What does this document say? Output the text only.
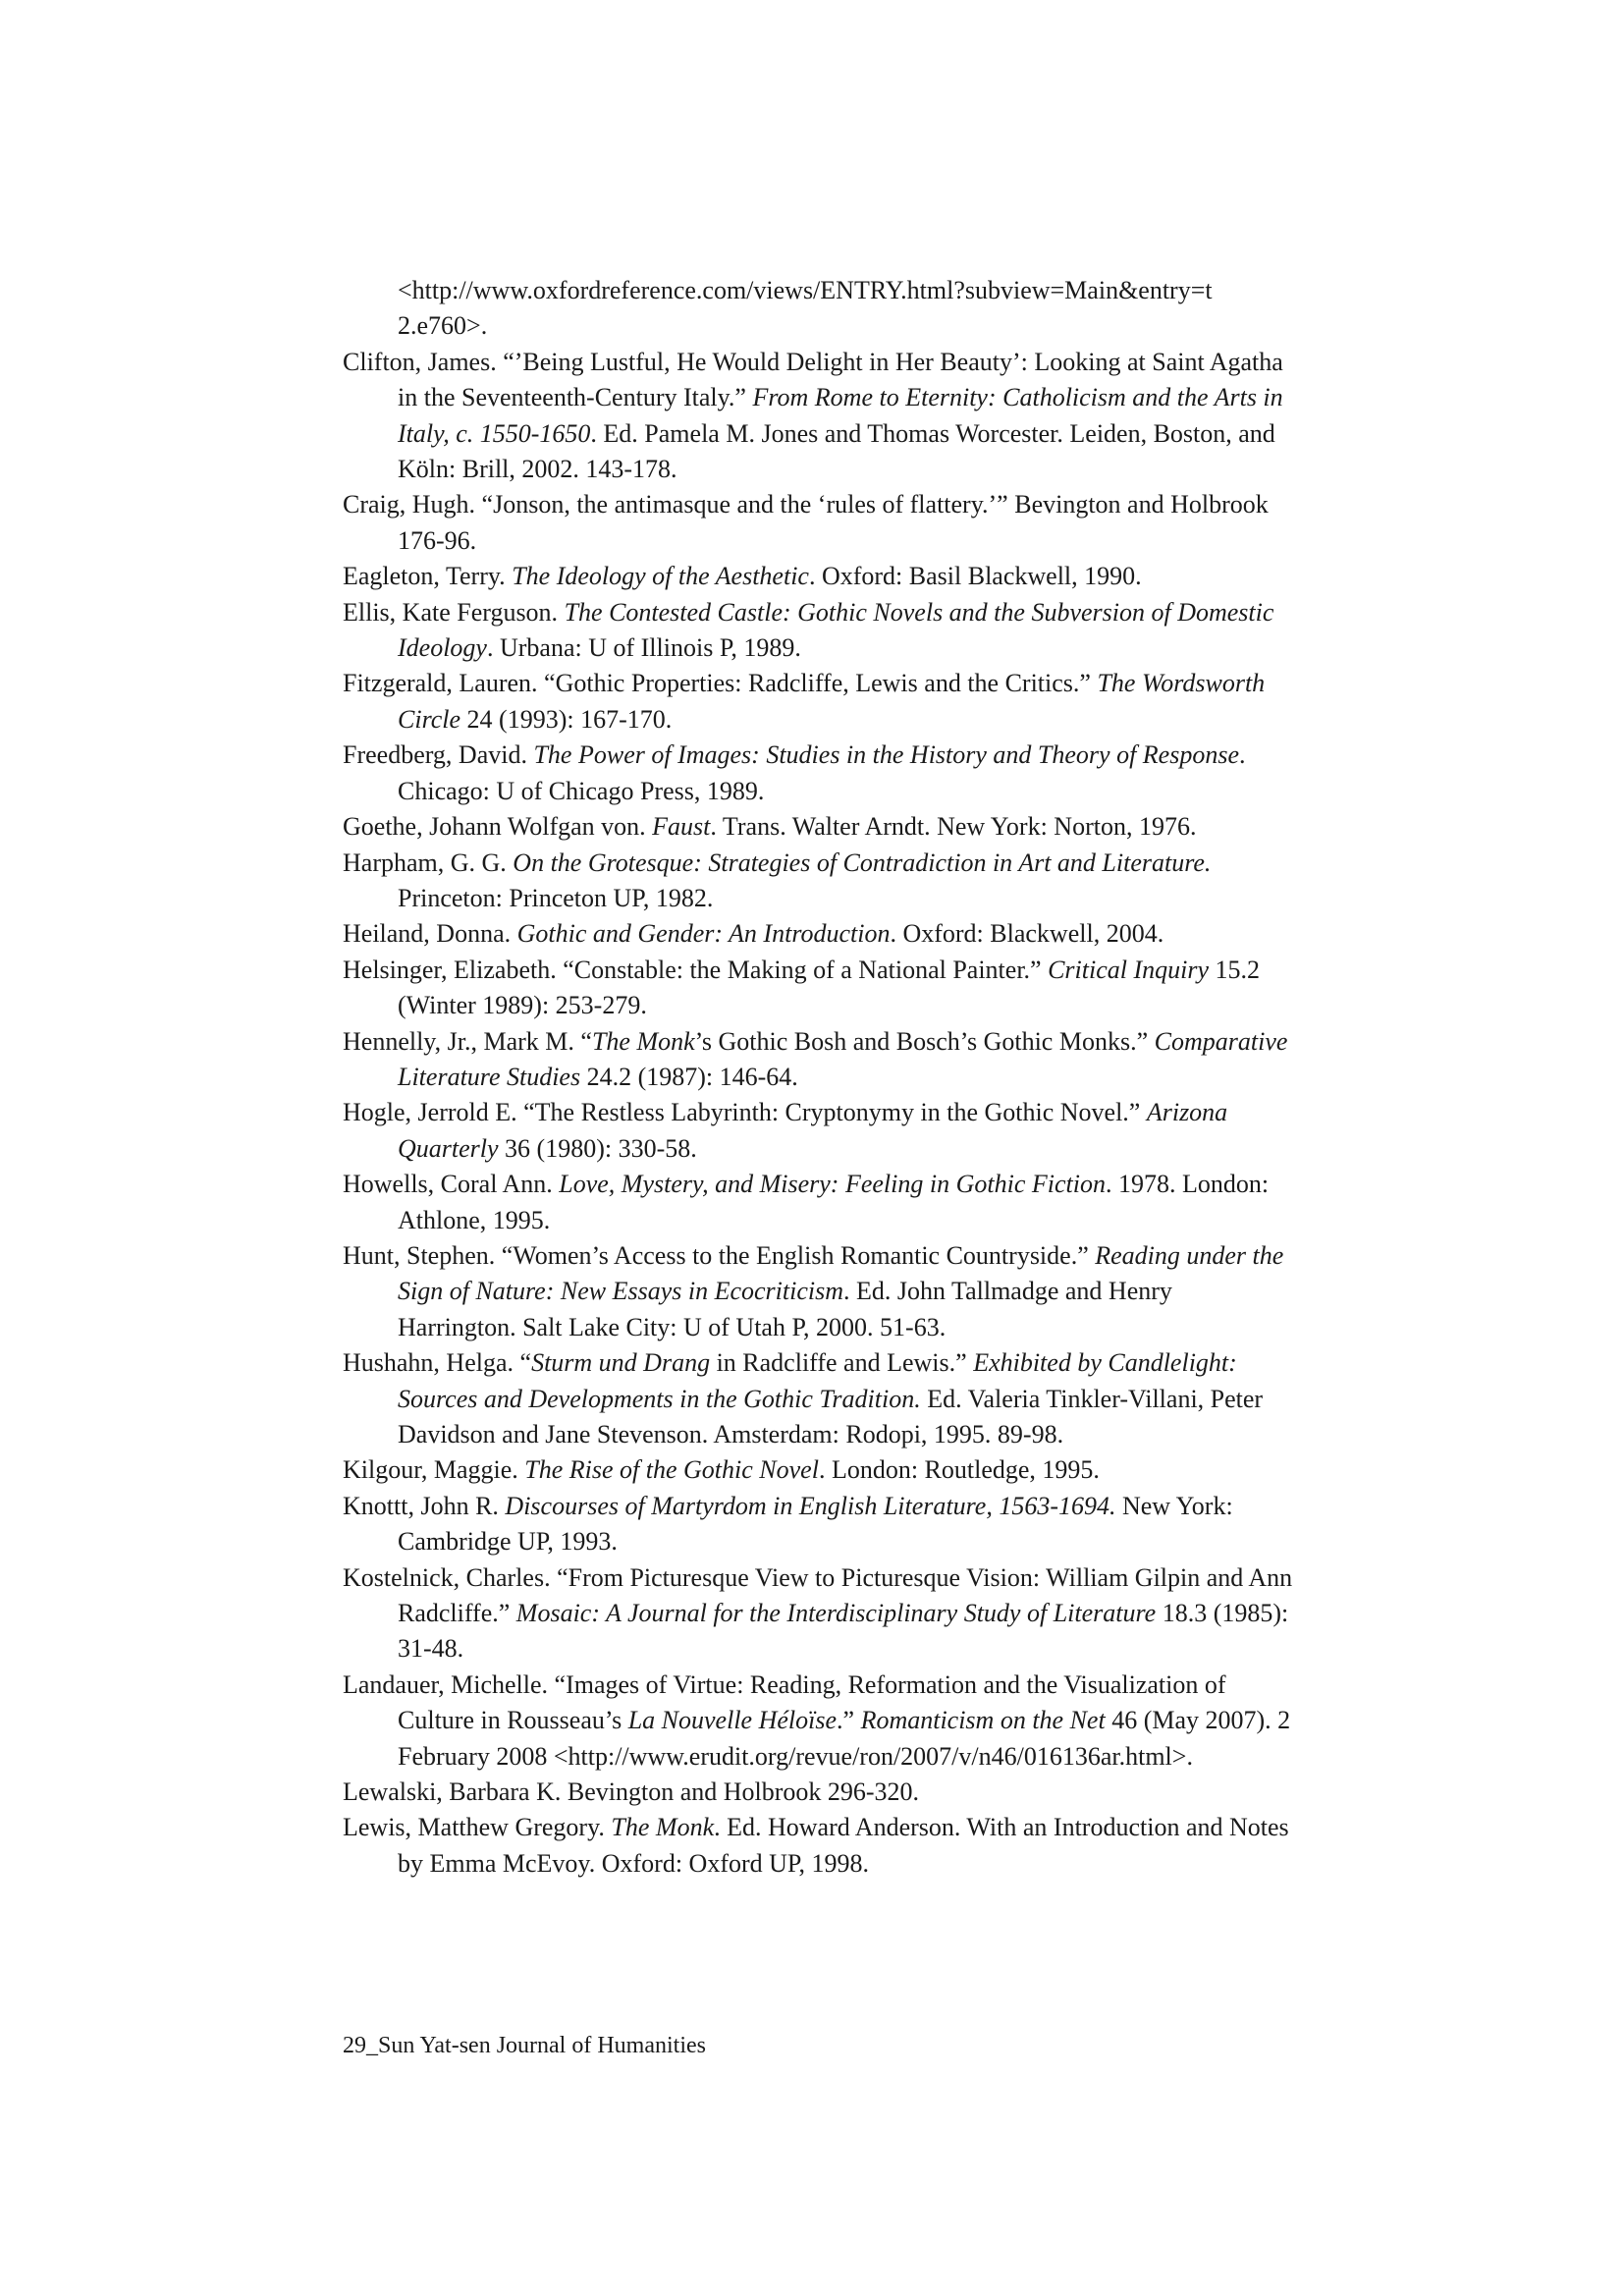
<http://www.oxfordreference.com/views/ENTRY.html?subview=Main&entry=t
2.e760>.

Clifton, James. “’Being Lustful, He Would Delight in Her Beauty’: Looking at Saint Agatha in the Seventeenth-Century Italy.” From Rome to Eternity: Catholicism and the Arts in Italy, c. 1550-1650. Ed. Pamela M. Jones and Thomas Worcester. Leiden, Boston, and Köln: Brill, 2002. 143-178.

Craig, Hugh. “Jonson, the antimasque and the ‘rules of flattery.’” Bevington and Holbrook 176-96.

Eagleton, Terry. The Ideology of the Aesthetic. Oxford: Basil Blackwell, 1990.

Ellis, Kate Ferguson. The Contested Castle: Gothic Novels and the Subversion of Domestic Ideology. Urbana: U of Illinois P, 1989.

Fitzgerald, Lauren. “Gothic Properties: Radcliffe, Lewis and the Critics.” The Wordsworth Circle 24 (1993): 167-170.

Freedberg, David. The Power of Images: Studies in the History and Theory of Response. Chicago: U of Chicago Press, 1989.

Goethe, Johann Wolfgan von. Faust. Trans. Walter Arndt. New York: Norton, 1976.

Harpham, G. G. On the Grotesque: Strategies of Contradiction in Art and Literature. Princeton: Princeton UP, 1982.

Heiland, Donna. Gothic and Gender: An Introduction. Oxford: Blackwell, 2004.

Helsinger, Elizabeth. “Constable: the Making of a National Painter.” Critical Inquiry 15.2 (Winter 1989): 253-279.

Hennelly, Jr., Mark M. “The Monk’s Gothic Bosh and Bosch’s Gothic Monks.” Comparative Literature Studies 24.2 (1987): 146-64.

Hogle, Jerrold E. “The Restless Labyrinth: Cryptonymy in the Gothic Novel.” Arizona Quarterly 36 (1980): 330-58.

Howells, Coral Ann. Love, Mystery, and Misery: Feeling in Gothic Fiction. 1978. London: Athlone, 1995.

Hunt, Stephen. “Women’s Access to the English Romantic Countryside.” Reading under the Sign of Nature: New Essays in Ecocriticism. Ed. John Tallmadge and Henry Harrington. Salt Lake City: U of Utah P, 2000. 51-63.

Hushahn, Helga. “Sturm und Drang in Radcliffe and Lewis.” Exhibited by Candlelight: Sources and Developments in the Gothic Tradition. Ed. Valeria Tinkler-Villani, Peter Davidson and Jane Stevenson. Amsterdam: Rodopi, 1995. 89-98.

Kilgour, Maggie. The Rise of the Gothic Novel. London: Routledge, 1995.

Knottt, John R. Discourses of Martyrdom in English Literature, 1563-1694. New York: Cambridge UP, 1993.

Kostelnick, Charles. “From Picturesque View to Picturesque Vision: William Gilpin and Ann Radcliffe.” Mosaic: A Journal for the Interdisciplinary Study of Literature 18.3 (1985): 31-48.

Landauer, Michelle. “Images of Virtue: Reading, Reformation and the Visualization of Culture in Rousseau’s La Nouvelle Héloïse.” Romanticism on the Net 46 (May 2007). 2 February 2008 <http://www.erudit.org/revue/ron/2007/v/n46/016136ar.html>.

Lewalski, Barbara K. Bevington and Holbrook 296-320.

Lewis, Matthew Gregory. The Monk. Ed. Howard Anderson. With an Introduction and Notes by Emma McEvoy. Oxford: Oxford UP, 1998.

29_Sun Yat-sen Journal of Humanities
